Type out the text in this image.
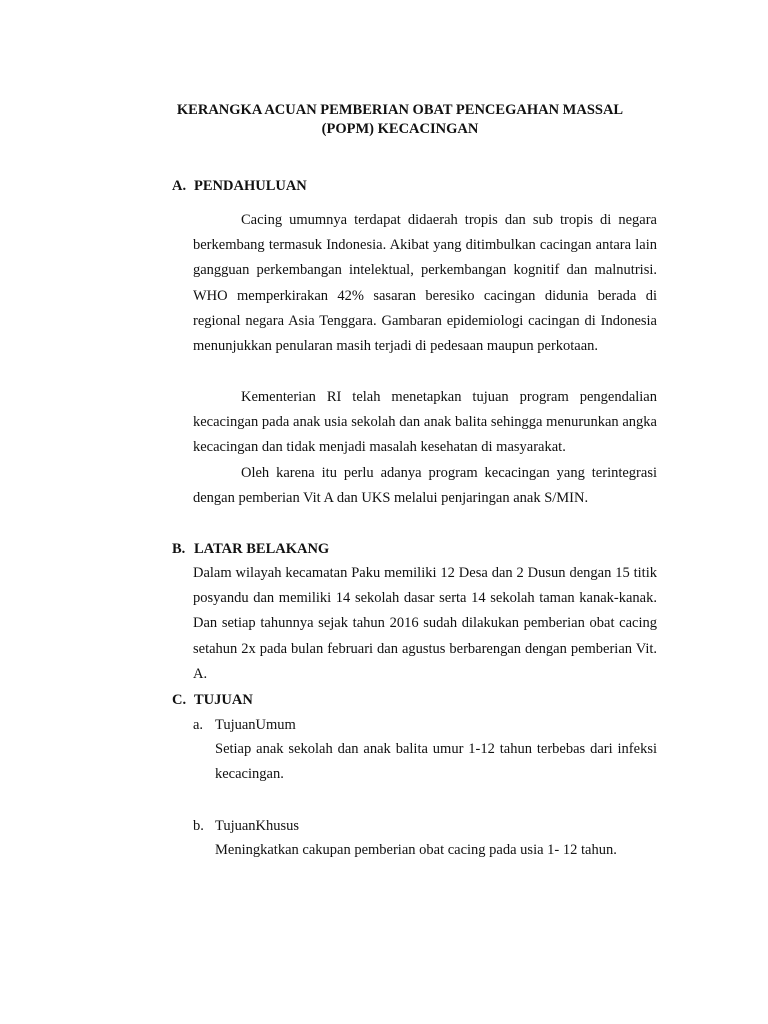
KERANGKA ACUAN PEMBERIAN OBAT PENCEGAHAN MASSAL
(POPM) KECACINGAN
A. PENDAHULUAN

Cacing umumnya terdapat didaerah tropis dan sub tropis di negara berkembang termasuk Indonesia. Akibat yang ditimbulkan cacingan antara lain gangguan perkembangan intelektual, perkembangan kognitif dan malnutrisi. WHO memperkirakan 42% sasaran beresiko cacingan didunia berada di regional negara Asia Tenggara. Gambaran epidemiologi cacingan di Indonesia menunjukkan penularan masih terjadi di pedesaan maupun perkotaan.

Kementerian RI telah menetapkan tujuan program pengendalian kecacingan pada anak usia sekolah dan anak balita sehingga menurunkan angka kecacingan dan tidak menjadi masalah kesehatan di masyarakat.

Oleh karena itu perlu adanya program kecacingan yang terintegrasi dengan pemberian Vit A dan UKS melalui penjaringan anak S/MIN.

B. LATAR BELAKANG

Dalam wilayah kecamatan Paku memiliki 12 Desa dan 2 Dusun dengan 15 titik posyandu dan memiliki 14 sekolah dasar serta 14 sekolah taman kanak-kanak. Dan setiap tahunnya sejak tahun 2016 sudah dilakukan pemberian obat cacing setahun 2x pada bulan februari dan agustus berbarengan dengan pemberian Vit. A.

C. TUJUAN
a. TujuanUmum

Setiap anak sekolah dan anak balita umur 1-12 tahun terbebas dari infeksi kecacingan.

b. TujuanKhusus

Meningkatkan cakupan pemberian obat cacing pada usia 1- 12 tahun.
